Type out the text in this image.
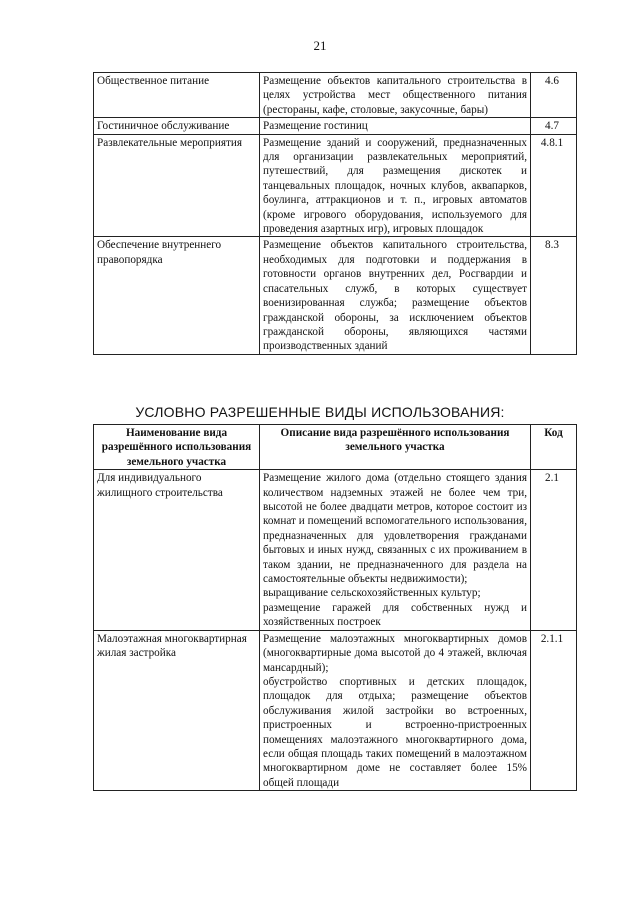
21
Общественное питание	Размещение объектов капитального строительства в целях устройства мест общественного питания (рестораны, кафе, столовые, закусочные, бары)	4.6
Гостиничное обслуживание	Размещение гостиниц	4.7
Развлекательные мероприятия	Размещение зданий и сооружений, предназначенных для организации развлекательных мероприятий, путешествий, для размещения дискотек и танцевальных площадок, ночных клубов, аквапарков, боулинга, аттракционов и т. п., игровых автоматов (кроме игрового оборудования, используемого для проведения азартных игр), игровых площадок	4.8.1
Обеспечение внутреннего правопорядка	Размещение объектов капитального строительства, необходимых для подготовки и поддержания в готовности органов внутренних дел, Росгвардии и спасательных служб, в которых существует военизированная служба; размещение объектов гражданской обороны, за исключением объектов гражданской обороны, являющихся частями производственных зданий	8.3
УСЛОВНО РАЗРЕШЕННЫЕ ВИДЫ ИСПОЛЬЗОВАНИЯ:
Наименование вида разрешённого использования земельного участка	Описание вида разрешённого использования земельного участка	Код
Для индивидуального жилищного строительства	Размещение жилого дома (отдельно стоящего здания количеством надземных этажей не более чем три, высотой не более двадцати метров, которое состоит из комнат и помещений вспомогательного использования, предназначенных для удовлетворения гражданами бытовых и иных нужд, связанных с их проживанием в таком здании, не предназначенного для раздела на самостоятельные объекты недвижимости);
выращивание сельскохозяйственных культур;
размещение гаражей для собственных нужд и хозяйственных построек	2.1
Малоэтажная многоквартирная жилая застройка	Размещение малоэтажных многоквартирных домов (многоквартирные дома высотой до 4 этажей, включая мансардный);
обустройство спортивных и детских площадок, площадок для отдыха; размещение объектов обслуживания жилой застройки во встроенных, пристроенных и встроенно-пристроенных помещениях малоэтажного многоквартирного дома, если общая площадь таких помещений в малоэтажном многоквартирном доме не составляет более 15% общей площади	2.1.1
